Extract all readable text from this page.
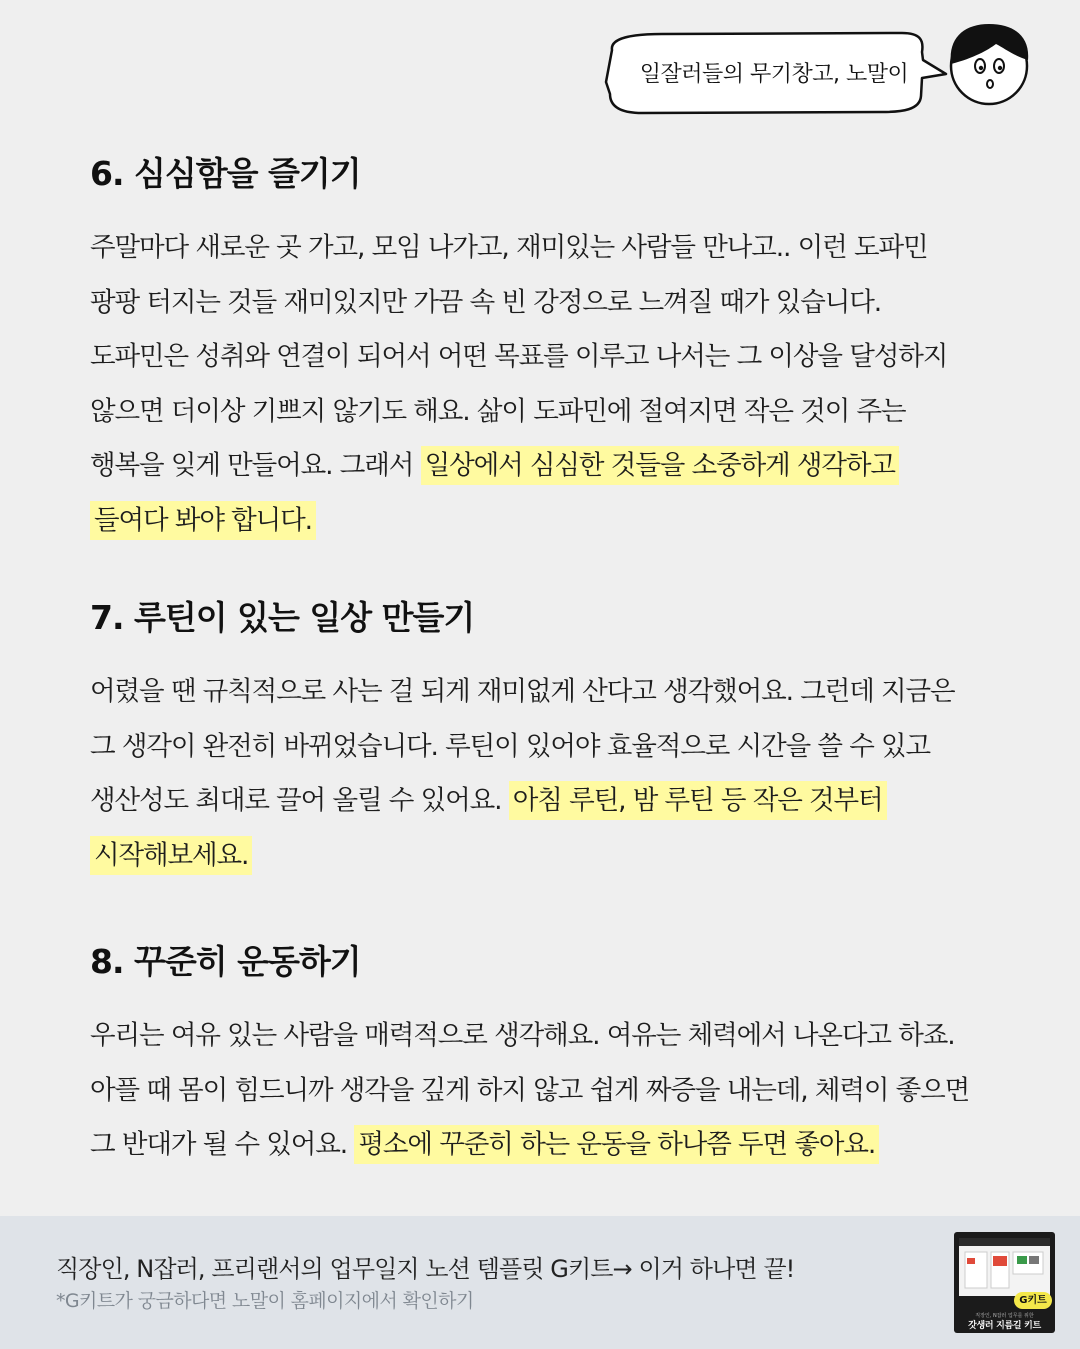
일잘러들의 무기창고, 노말이
6. 심심함을 즐기기
주말마다 새로운 곳 가고, 모임 나가고, 재미있는 사람들 만나고.. 이런 도파민
팡팡 터지는 것들 재미있지만 가끔 속 빈 강정으로 느껴질 때가 있습니다.
도파민은 성취와 연결이 되어서 어떤 목표를 이루고 나서는 그 이상을 달성하지
않으면 더이상 기쁘지 않기도 해요. 삶이 도파민에 절여지면 작은 것이 주는
행복을 잊게 만들어요. 그래서 일상에서 심심한 것들을 소중하게 생각하고
들여다 봐야 합니다.
7. 루틴이 있는 일상 만들기
어렸을 땐 규칙적으로 사는 걸 되게 재미없게 산다고 생각했어요. 그런데 지금은
그 생각이 완전히 바뀌었습니다. 루틴이 있어야 효율적으로 시간을 쓸 수 있고
생산성도 최대로 끌어 올릴 수 있어요. 아침 루틴, 밤 루틴 등 작은 것부터
시작해보세요.
8. 꾸준히 운동하기
우리는 여유 있는 사람을 매력적으로 생각해요. 여유는 체력에서 나온다고 하죠.
아플 때 몸이 힘드니까 생각을 깊게 하지 않고 쉽게 짜증을 내는데, 체력이 좋으면
그 반대가 될 수 있어요. 평소에 꾸준히 하는 운동을 하나쯤 두면 좋아요.
직장인, N잡러, 프리랜서의 업무일지 노션 템플릿 G키트→ 이거 하나면 끝!
*G키트가 궁금하다면 노말이 홈페이지에서 확인하기	G키트
직장인, N잡러 업무를 위한
갓생러 지름길 키트
